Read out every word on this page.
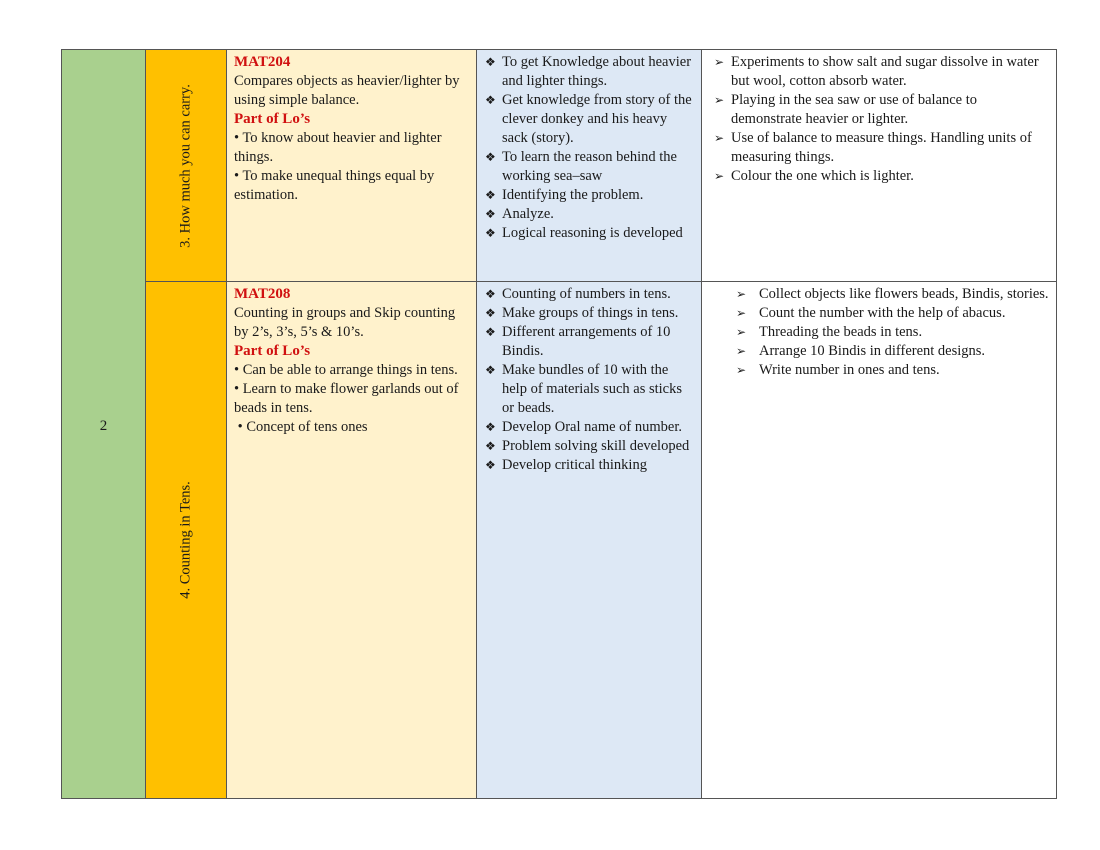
2
3. How much you can carry.
MAT204
Compares objects as heavier/lighter by using simple balance.
Part of Lo’s
• To know about heavier and lighter things.
• To make unequal things equal by estimation.
❖ To get Knowledge about heavier and lighter things.
❖ Get knowledge from story of the clever donkey and his heavy sack (story).
❖ To learn the reason behind the working sea–saw
❖ Identifying the problem.
❖ Analyze.
❖ Logical reasoning is developed
➢ Experiments to show salt and sugar dissolve in water but wool, cotton absorb water.
➢ Playing in the sea saw or use of balance to demonstrate heavier or lighter.
➢ Use of balance to measure things. Handling units of measuring things.
➢ Colour the one which is lighter.
4. Counting in Tens.
MAT208
Counting in groups and Skip counting by 2’s, 3’s, 5’s & 10’s.
Part of Lo’s
• Can be able to arrange things in tens.
• Learn to make flower garlands out of beads in tens.
• Concept of tens ones
❖ Counting of numbers in tens.
❖ Make groups of things in tens.
❖ Different arrangements of 10 Bindis.
❖ Make bundles of 10 with the help of materials such as sticks or beads.
❖ Develop Oral name of number.
❖ Problem solving skill developed
❖ Develop critical thinking
➢ Collect objects like flowers beads, Bindis, stories.
➢ Count the number with the help of abacus.
➢ Threading the beads in tens.
➢ Arrange 10 Bindis in different designs.
➢ Write number in ones and tens.
